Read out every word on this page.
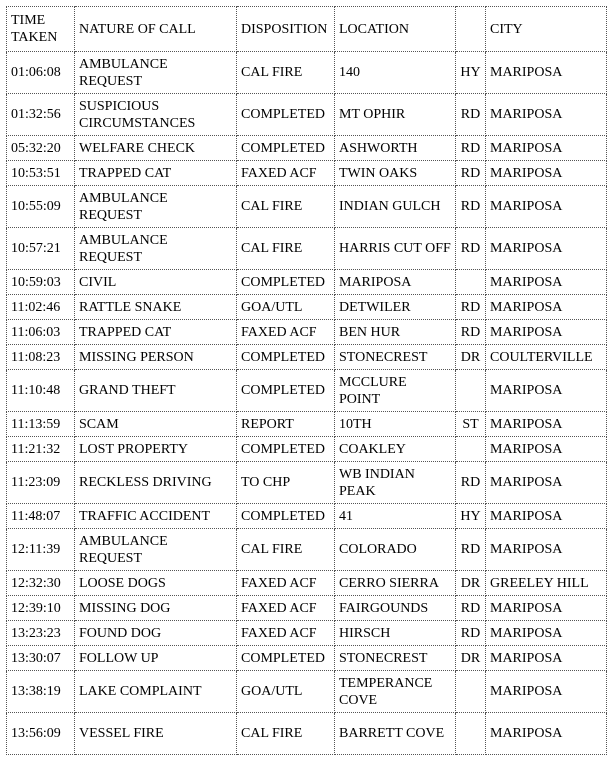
TIME TAKEN	NATURE OF CALL	DISPOSITION	LOCATION		CITY
01:06:08	AMBULANCE REQUEST	CAL FIRE	140	HY	MARIPOSA
01:32:56	SUSPICIOUS CIRCUMSTANCES	COMPLETED	MT OPHIR	RD	MARIPOSA
05:32:20	WELFARE CHECK	COMPLETED	ASHWORTH	RD	MARIPOSA
10:53:51	TRAPPED CAT	FAXED ACF	TWIN OAKS	RD	MARIPOSA
10:55:09	AMBULANCE REQUEST	CAL FIRE	INDIAN GULCH	RD	MARIPOSA
10:57:21	AMBULANCE REQUEST	CAL FIRE	HARRIS CUT OFF	RD	MARIPOSA
10:59:03	CIVIL	COMPLETED	MARIPOSA		MARIPOSA
11:02:46	RATTLE SNAKE	GOA/UTL	DETWILER	RD	MARIPOSA
11:06:03	TRAPPED CAT	FAXED ACF	BEN HUR	RD	MARIPOSA
11:08:23	MISSING PERSON	COMPLETED	STONECREST	DR	COULTERVILLE
11:10:48	GRAND THEFT	COMPLETED	MCCLURE POINT		MARIPOSA
11:13:59	SCAM	REPORT	10TH	ST	MARIPOSA
11:21:32	LOST PROPERTY	COMPLETED	COAKLEY		MARIPOSA
11:23:09	RECKLESS DRIVING	TO CHP	WB INDIAN PEAK	RD	MARIPOSA
11:48:07	TRAFFIC ACCIDENT	COMPLETED	41	HY	MARIPOSA
12:11:39	AMBULANCE REQUEST	CAL FIRE	COLORADO	RD	MARIPOSA
12:32:30	LOOSE DOGS	FAXED ACF	CERRO SIERRA	DR	GREELEY HILL
12:39:10	MISSING DOG	FAXED ACF	FAIRGOUNDS	RD	MARIPOSA
13:23:23	FOUND DOG	FAXED ACF	HIRSCH	RD	MARIPOSA
13:30:07	FOLLOW UP	COMPLETED	STONECREST	DR	MARIPOSA
13:38:19	LAKE COMPLAINT	GOA/UTL	TEMPERANCE COVE		MARIPOSA
13:56:09	VESSEL FIRE	CAL FIRE	BARRETT COVE		MARIPOSA
